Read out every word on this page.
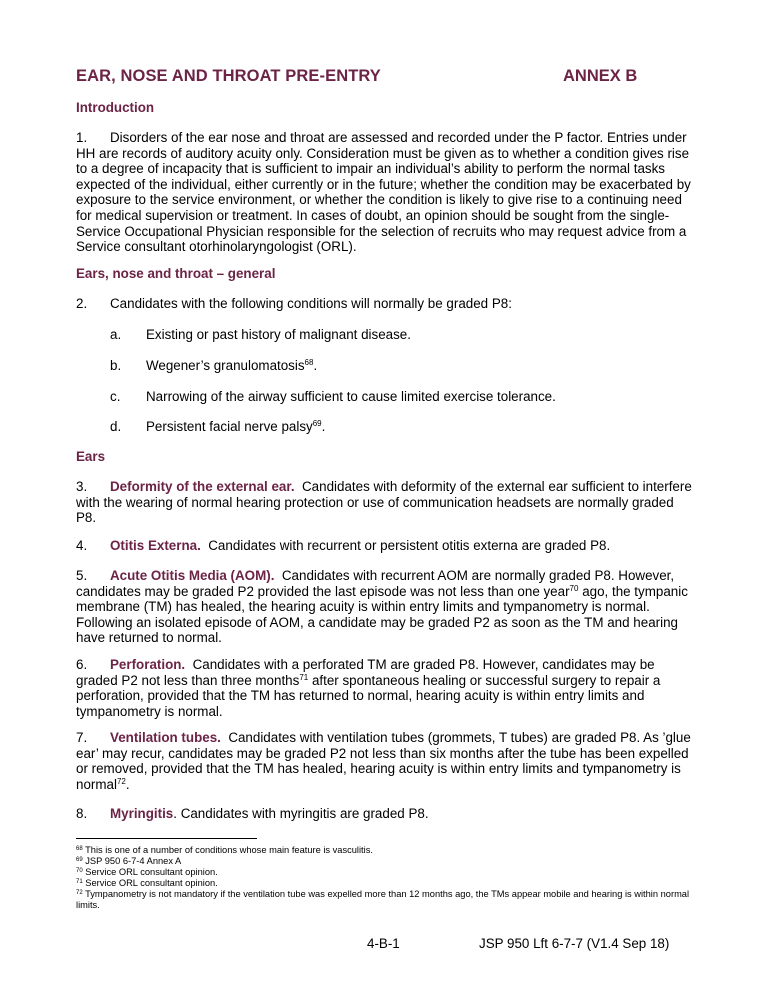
EAR, NOSE AND THROAT PRE-ENTRY	ANNEX B
Introduction
1. Disorders of the ear nose and throat are assessed and recorded under the P factor. Entries under HH are records of auditory acuity only. Consideration must be given as to whether a condition gives rise to a degree of incapacity that is sufficient to impair an individual’s ability to perform the normal tasks expected of the individual, either currently or in the future; whether the condition may be exacerbated by exposure to the service environment, or whether the condition is likely to give rise to a continuing need for medical supervision or treatment. In cases of doubt, an opinion should be sought from the single-Service Occupational Physician responsible for the selection of recruits who may request advice from a Service consultant otorhinolaryngologist (ORL).
Ears, nose and throat – general
2. Candidates with the following conditions will normally be graded P8:
a. Existing or past history of malignant disease.
b. Wegener’s granulomatosis$^{68}$.
c. Narrowing of the airway sufficient to cause limited exercise tolerance.
d. Persistent facial nerve palsy$^{69}$.
Ears
3. Deformity of the external ear. Candidates with deformity of the external ear sufficient to interfere with the wearing of normal hearing protection or use of communication headsets are normally graded P8.
4. Otitis Externa. Candidates with recurrent or persistent otitis externa are graded P8.
5. Acute Otitis Media (AOM). Candidates with recurrent AOM are normally graded P8. However, candidates may be graded P2 provided the last episode was not less than one year$^{70}$ ago, the tympanic membrane (TM) has healed, the hearing acuity is within entry limits and tympanometry is normal. Following an isolated episode of AOM, a candidate may be graded P2 as soon as the TM and hearing have returned to normal.
6. Perforation. Candidates with a perforated TM are graded P8. However, candidates may be graded P2 not less than three months$^{71}$ after spontaneous healing or successful surgery to repair a perforation, provided that the TM has returned to normal, hearing acuity is within entry limits and tympanometry is normal.
7. Ventilation tubes. Candidates with ventilation tubes (grommets, T tubes) are graded P8. As ’glue ear’ may recur, candidates may be graded P2 not less than six months after the tube has been expelled or removed, provided that the TM has healed, hearing acuity is within entry limits and tympanometry is normal$^{72}$.
8. Myringitis. Candidates with myringitis are graded P8.
$^{68}$ This is one of a number of conditions whose main feature is vasculitis.
$^{69}$ JSP 950 6-7-4 Annex A
$^{70}$ Service ORL consultant opinion.
$^{71}$ Service ORL consultant opinion.
$^{72}$ Tympanometry is not mandatory if the ventilation tube was expelled more than 12 months ago, the TMs appear mobile and hearing is within normal limits.
4-B-1	JSP 950 Lft 6-7-7 (V1.4 Sep 18)
